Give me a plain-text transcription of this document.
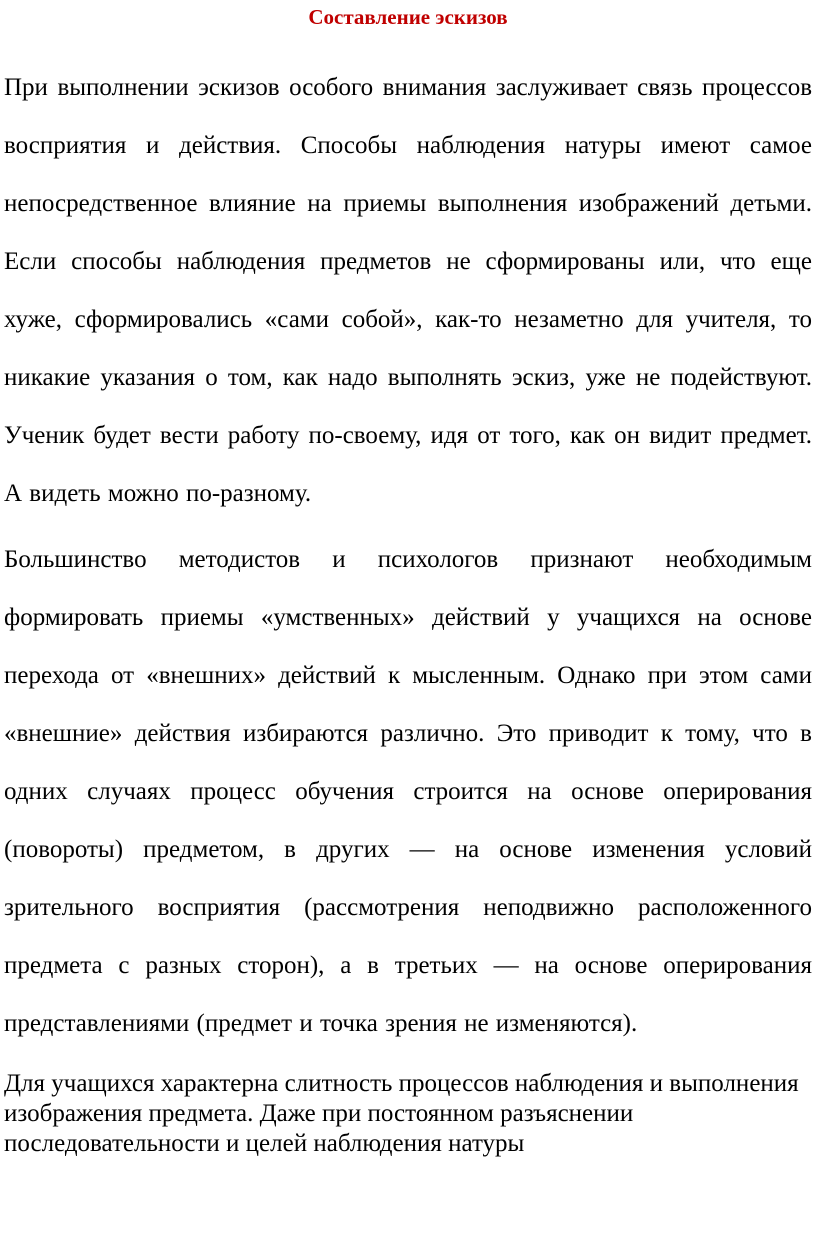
Составление эскизов

При выполнении эскизов особого внимания заслуживает связь процессов восприятия и действия. Способы наблюдения натуры имеют самое непосредственное влияние на приемы выполнения изображений детьми. Если способы наблюдения предметов не сформированы или, что еще хуже, сформировались «сами собой», как-то незаметно для учителя, то никакие указания о том, как надо выполнять эскиз, уже не подействуют. Ученик будет вести работу по-своему, идя от того, как он видит предмет. А видеть можно по-разному.

Большинство методистов и психологов признают необходимым формировать приемы «умственных» действий у учащихся на основе перехода от «внешних» действий к мысленным. Однако при этом сами «внешние» действия избираются различно. Это приводит к тому, что в одних случаях процесс обучения строится на основе оперирования (повороты) предметом, в других — на основе изменения условий зрительного восприятия (рассмотрения неподвижно расположенного предмета с разных сторон), а в третьих — на основе оперирования представлениями (предмет и точка зрения не изменяются).

Для учащихся характерна слитность процессов наблюдения и выполнения изображения предмета. Даже при постоянном разъяснении последовательности и целей наблюдения натуры
